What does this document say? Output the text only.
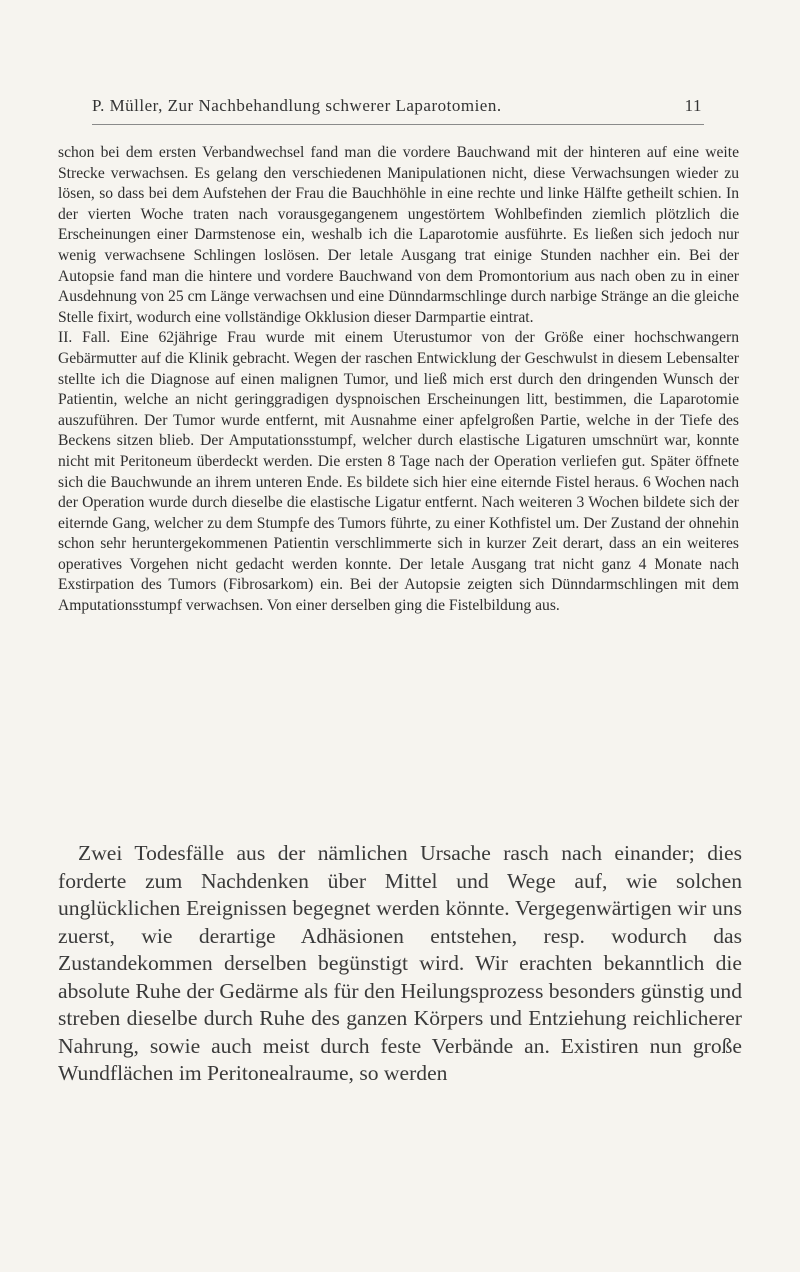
P. Müller, Zur Nachbehandlung schwerer Laparotomien.	11

schon bei dem ersten Verbandwechsel fand man die vordere Bauchwand mit der hinteren auf eine weite Strecke verwachsen. Es gelang den verschiedenen Manipulationen nicht, diese Verwachsungen wieder zu lösen, so dass bei dem Aufstehen der Frau die Bauchhöhle in eine rechte und linke Hälfte getheilt schien. In der vierten Woche traten nach vorausgegangenem ungestörtem Wohlbefinden ziemlich plötzlich die Erscheinungen einer Darmstenose ein, weshalb ich die Laparotomie ausführte. Es ließen sich jedoch nur wenig verwachsene Schlingen loslösen. Der letale Ausgang trat einige Stunden nachher ein. Bei der Autopsie fand man die hintere und vordere Bauchwand von dem Promontorium aus nach oben zu in einer Ausdehnung von 25 cm Länge verwachsen und eine Dünndarmschlinge durch narbige Stränge an die gleiche Stelle fixirt, wodurch eine vollständige Okklusion dieser Darmpartie eintrat.

II. Fall. Eine 62jährige Frau wurde mit einem Uterustumor von der Größe einer hochschwangern Gebärmutter auf die Klinik gebracht. Wegen der raschen Entwicklung der Geschwulst in diesem Lebensalter stellte ich die Diagnose auf einen malignen Tumor, und ließ mich erst durch den dringenden Wunsch der Patientin, welche an nicht geringgradigen dyspnoischen Erscheinungen litt, bestimmen, die Laparotomie auszuführen. Der Tumor wurde entfernt, mit Ausnahme einer apfelgroßen Partie, welche in der Tiefe des Beckens sitzen blieb. Der Amputationsstumpf, welcher durch elastische Ligaturen umschnürt war, konnte nicht mit Peritoneum überdeckt werden. Die ersten 8 Tage nach der Operation verliefen gut. Später öffnete sich die Bauchwunde an ihrem unteren Ende. Es bildete sich hier eine eiternde Fistel heraus. 6 Wochen nach der Operation wurde durch dieselbe die elastische Ligatur entfernt. Nach weiteren 3 Wochen bildete sich der eiternde Gang, welcher zu dem Stumpfe des Tumors führte, zu einer Kothfistel um. Der Zustand der ohnehin schon sehr heruntergekommenen Patientin verschlimmerte sich in kurzer Zeit derart, dass an ein weiteres operatives Vorgehen nicht gedacht werden konnte. Der letale Ausgang trat nicht ganz 4 Monate nach Exstirpation des Tumors (Fibrosarkom) ein. Bei der Autopsie zeigten sich Dünndarmschlingen mit dem Amputationsstumpf verwachsen. Von einer derselben ging die Fistelbildung aus.

Zwei Todesfälle aus der nämlichen Ursache rasch nach einander; dies forderte zum Nachdenken über Mittel und Wege auf, wie solchen unglücklichen Ereignissen begegnet werden könnte. Vergegenwärtigen wir uns zuerst, wie derartige Adhäsionen entstehen, resp. wodurch das Zustandekommen derselben begünstigt wird. Wir erachten bekanntlich die absolute Ruhe der Gedärme als für den Heilungsprozess besonders günstig und streben dieselbe durch Ruhe des ganzen Körpers und Entziehung reichlicherer Nahrung, sowie auch meist durch feste Verbände an. Existiren nun große Wundflächen im Peritonealraume, so werden
